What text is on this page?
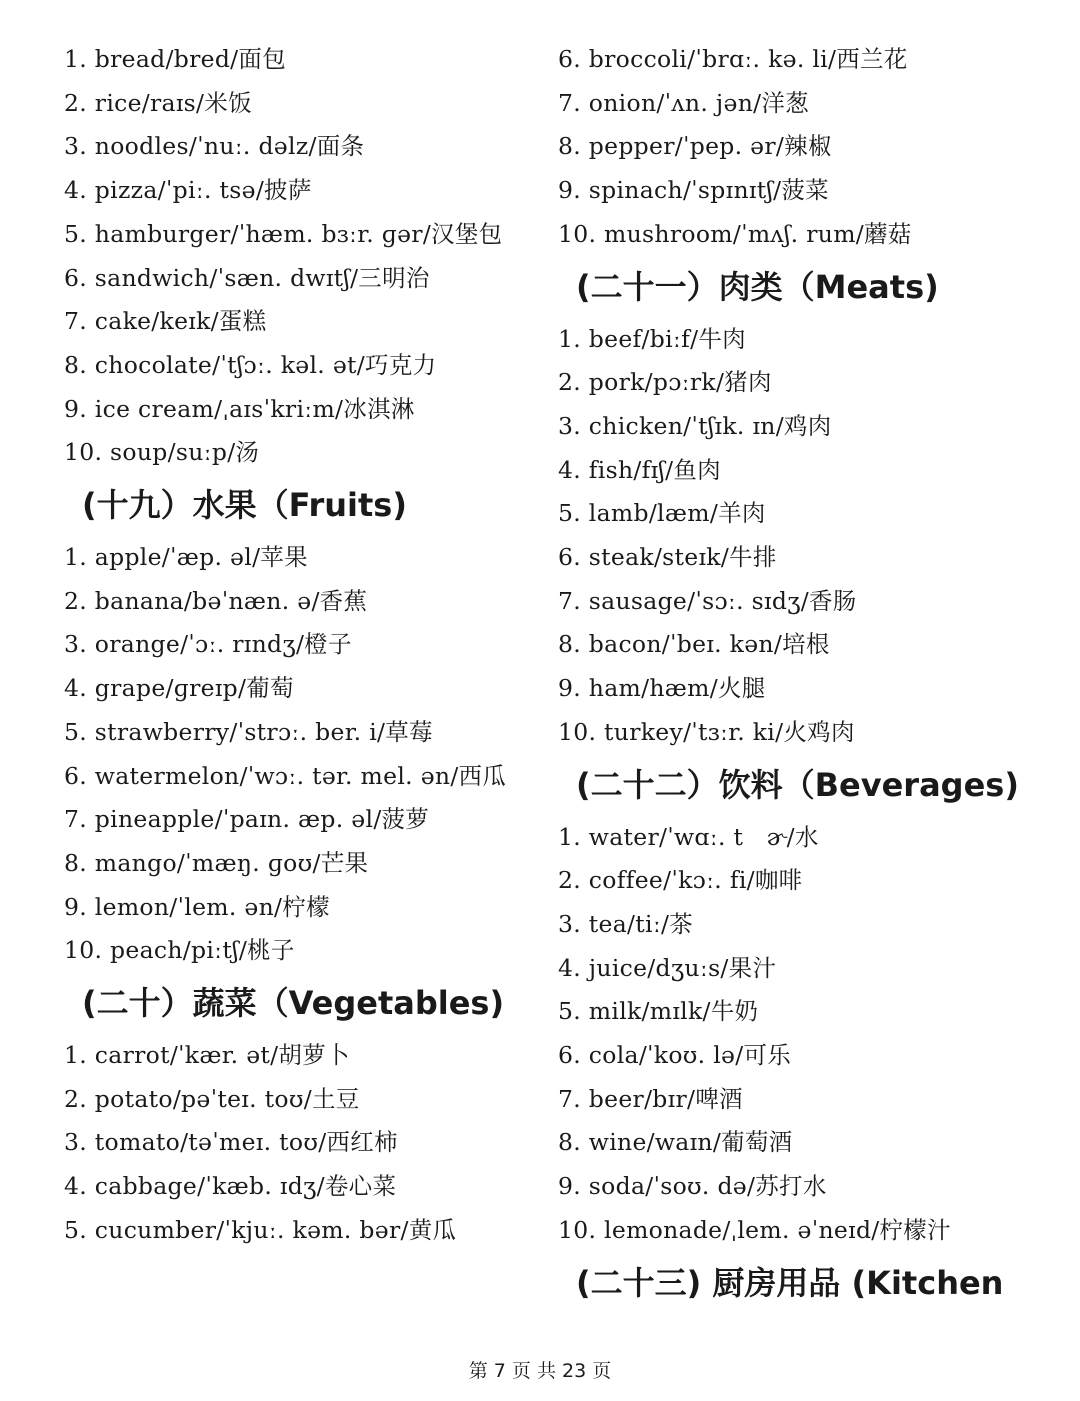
1. bread/bred/面包
2. rice/raɪs/米饭
3. noodles/ˈnuː. dəlz/面条
4. pizza/ˈpiː. tsə/披萨
5. hamburger/ˈhæm. bɜːr. ɡər/汉堡包
6. sandwich/ˈsæn. dwɪtʃ/三明治
7. cake/keɪk/蛋糕
8. chocolate/ˈtʃɔː. kəl. ət/巧克力
9. ice cream/ˌaɪsˈkriːm/冰淇淋
10. soup/suːp/汤
(十九）水果（Fruits)
1. apple/ˈæp. əl/苹果
2. banana/bəˈnæn. ə/香蕉
3. orange/ˈɔː. rɪndʒ/橙子
4. grape/ɡreɪp/葡萄
5. strawberry/ˈstrɔː. ber. i/草莓
6. watermelon/ˈwɔː. tər. mel. ən/西瓜
7. pineapple/ˈpaɪn. æp. əl/菠萝
8. mango/ˈmæŋ. ɡoʊ/芒果
9. lemon/ˈlem. ən/柠檬
10. peach/piːtʃ/桃子
(二十）蔬菜（Vegetables)
1. carrot/ˈkær. ət/胡萝卜
2. potato/pəˈteɪ. toʊ/土豆
3. tomato/təˈmeɪ. toʊ/西红柿
4. cabbage/ˈkæb. ɪdʒ/卷心菜
5. cucumber/ˈkjuː. kəm. bər/黄瓜
6. broccoli/ˈbrɑː. kə. li/西兰花
7. onion/ˈʌn. jən/洋葱
8. pepper/ˈpep. ər/辣椒
9. spinach/ˈspɪnɪtʃ/菠菜
10. mushroom/ˈmʌʃ. rum/蘑菇
(二十一）肉类（Meats)
1. beef/biːf/牛肉
2. pork/pɔːrk/猪肉
3. chicken/ˈtʃɪk. ɪn/鸡肉
4. fish/fɪʃ/鱼肉
5. lamb/læm/羊肉
6. steak/steɪk/牛排
7. sausage/ˈsɔː. sɪdʒ/香肠
8. bacon/ˈbeɪ. kən/培根
9. ham/hæm/火腿
10. turkey/ˈtɜːr. ki/火鸡肉
(二十二）饮料（Beverages)
1. water/ˈwɑː. t   ɚ/水
2. coffee/ˈkɔː. fi/咖啡
3. tea/tiː/茶
4. juice/dʒuːs/果汁
5. milk/mɪlk/牛奶
6. cola/ˈkoʊ. lə/可乐
7. beer/bɪr/啤酒
8. wine/waɪn/葡萄酒
9. soda/ˈsoʊ. də/苏打水
10. lemonade/ˌlem. əˈneɪd/柠檬汁
(二十三) 厨房用品 (Kitchen
第 7 页 共 23 页
